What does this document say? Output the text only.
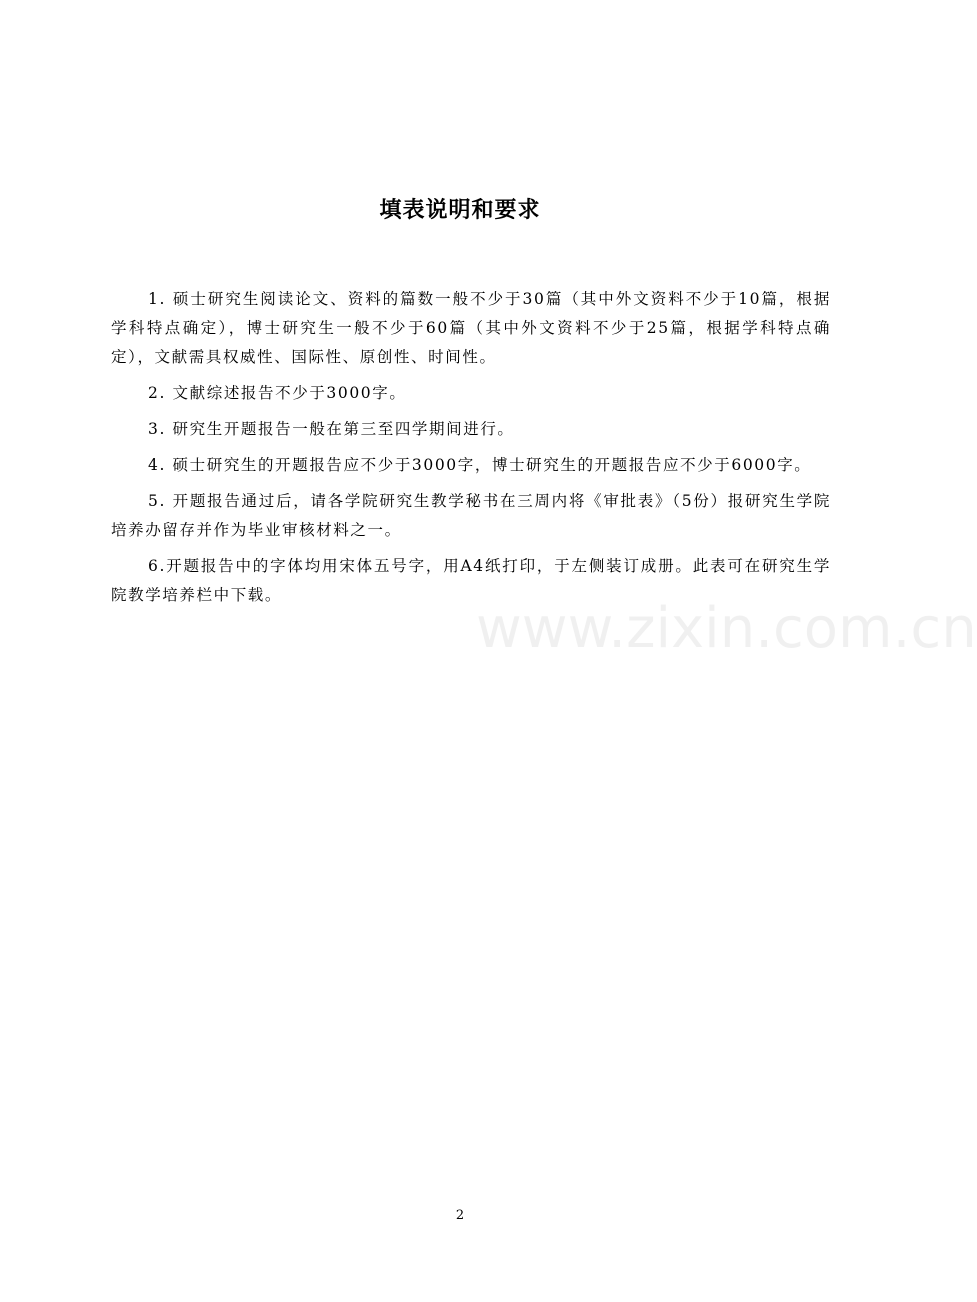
填表说明和要求

1. 硕士研究生阅读论文、资料的篇数一般不少于30篇（其中外文资料不少于10篇，根据学科特点确定），博士研究生一般不少于60篇（其中外文资料不少于25篇，根据学科特点确定），文献需具权威性、国际性、原创性、时间性。

2. 文献综述报告不少于3000字。

3. 研究生开题报告一般在第三至四学期间进行。

4. 硕士研究生的开题报告应不少于3000字，博士研究生的开题报告应不少于6000字。

5. 开题报告通过后，请各学院研究生教学秘书在三周内将《审批表》（5份）报研究生学院培养办留存并作为毕业审核材料之一。

6.开题报告中的字体均用宋体五号字，用A4纸打印，于左侧装订成册。此表可在研究生学院教学培养栏中下载。

www.zixin.com.cn
2
